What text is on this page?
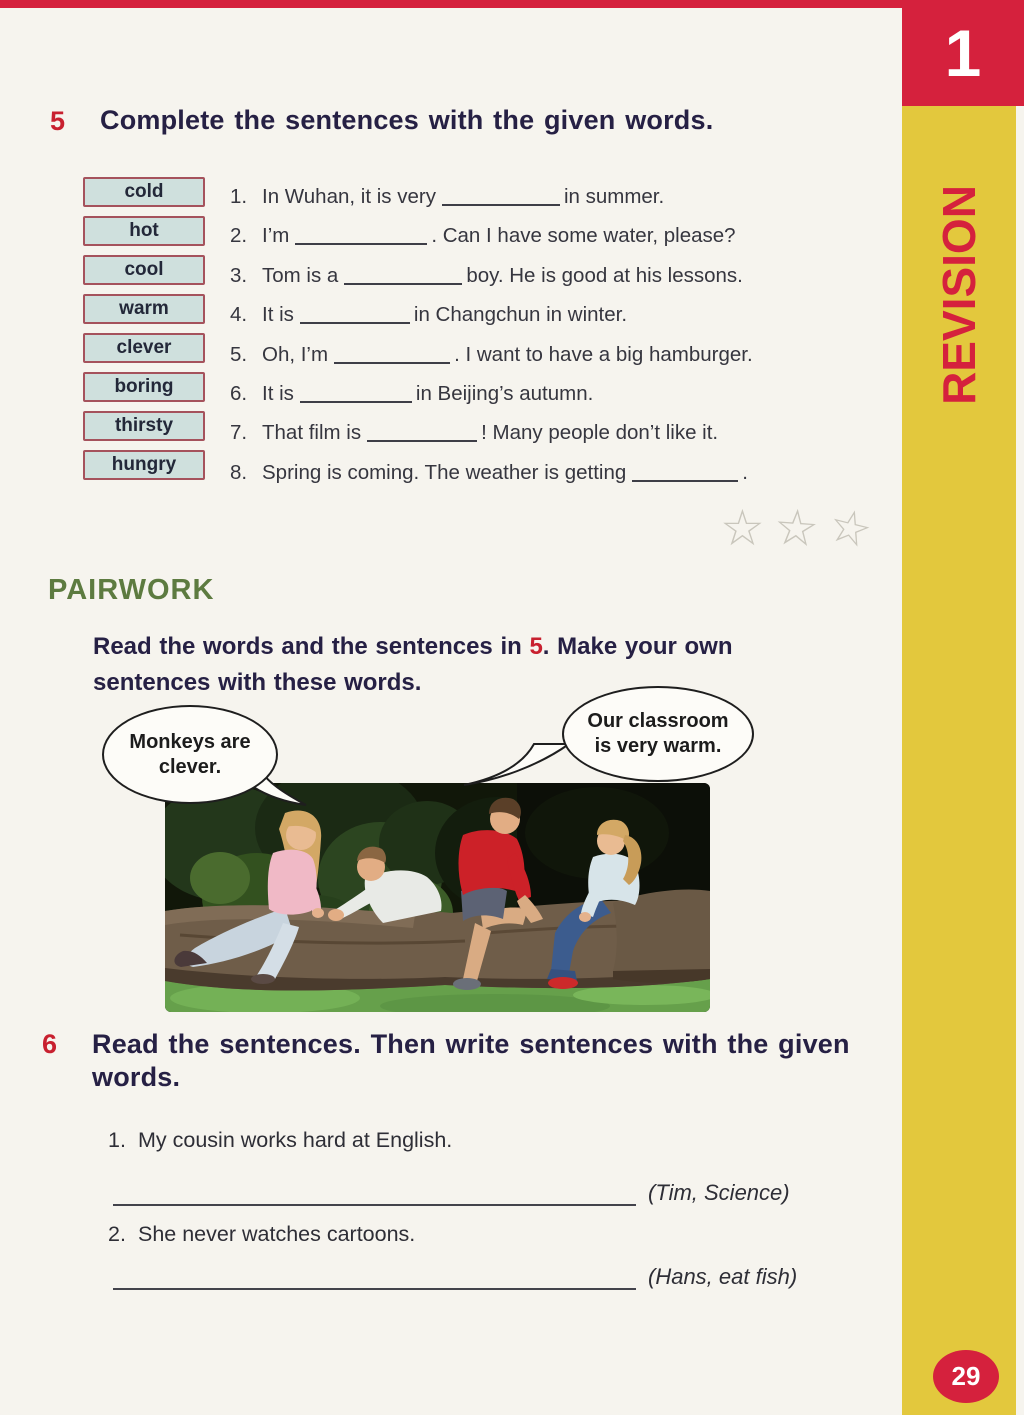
1
REVISION
29
5 Complete the sentences with the given words.
cold
hot
cool
warm
clever
boring
thirsty
hungry
1. In Wuhan, it is very	in summer.
2. I’m	. Can I have some water, please?
3. Tom is a	boy. He is good at his lessons.
4. It is	in Changchun in winter.
5. Oh, I’m	. I want to have a big hamburger.
6. It is	in Beijing’s autumn.
7. That film is	! Many people don’t like it.
8. Spring is coming. The weather is getting	.
☆ ☆ ☆
PAIRWORK
Read the words and the sentences in 5. Make your own sentences with these words.
Monkeys are
clever.
Our classroom
is very warm.
6 Read the sentences. Then write sentences with the given words.
1. My cousin works hard at English.
(Tim, Science)
2. She never watches cartoons.
(Hans, eat fish)
